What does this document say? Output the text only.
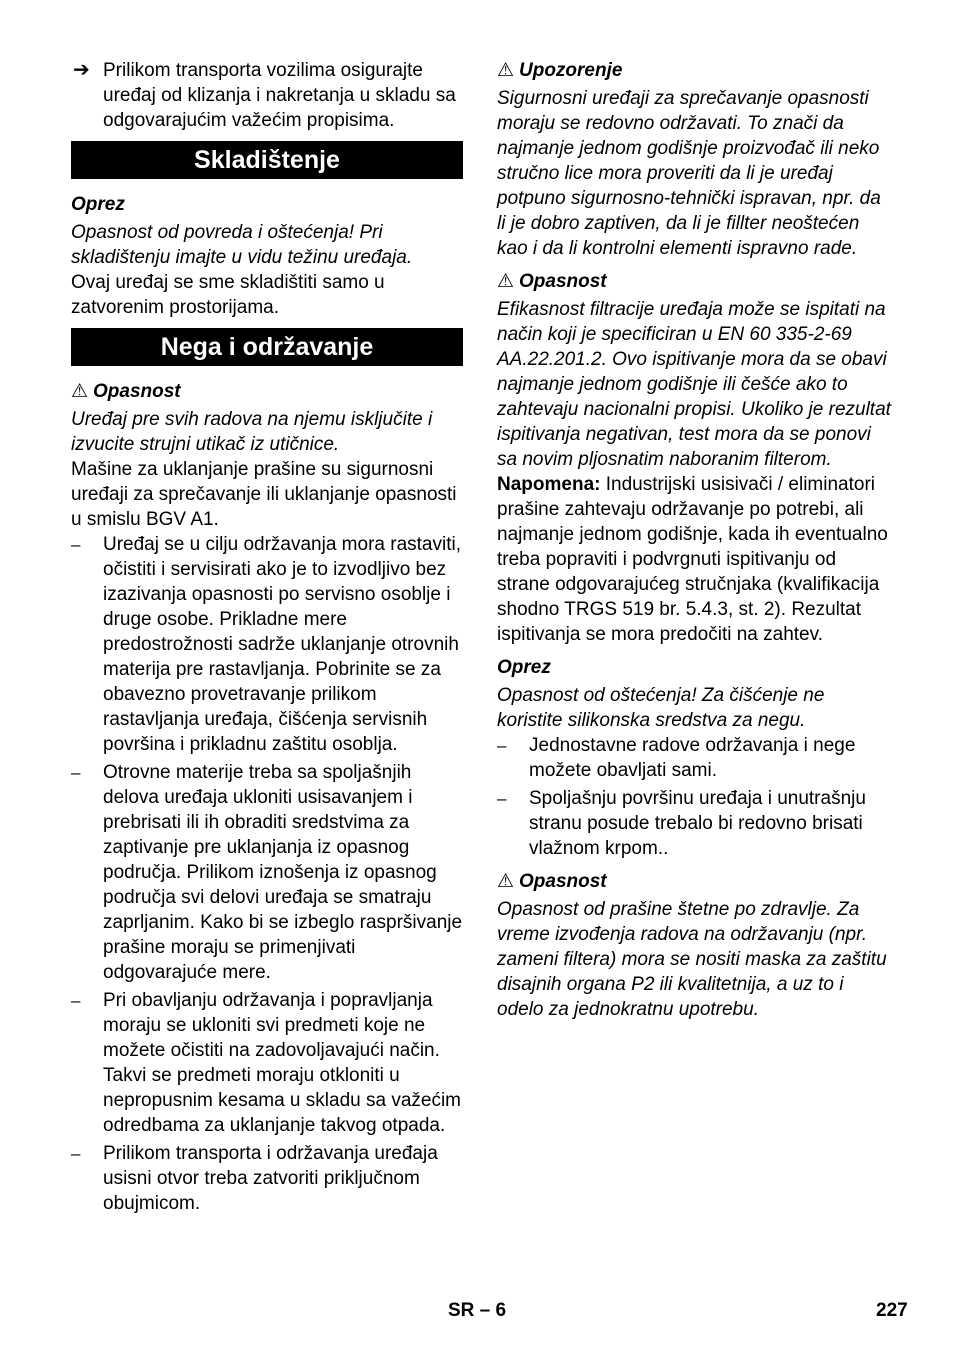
➔ Prilikom transporta vozilima osigurajte uređaj od klizanja i nakretanja u skladu sa odgovarajućim važećim propisima.
Skladištenje

Oprez

Opasnost od povreda i oštećenja! Pri skladištenju imajte u vidu težinu uređaja.

Ovaj uređaj se sme skladištiti samo u zatvorenim prostorijama.

Nega i održavanje

⚠ Opasnost

Uređaj pre svih radova na njemu isključite i izvucite strujni utikač iz utičnice.

Mašine za uklanjanje prašine su sigurnosni uređaji za sprečavanje ili uklanjanje opasnosti u smislu BGV A1.

– Uređaj se u cilju održavanja mora rastaviti, očistiti i servisirati ako je to izvodljivo bez izazivanja opasnosti po servisno osoblje i druge osobe. Prikladne mere predostrožnosti sadrže uklanjanje otrovnih materija pre rastavljanja. Pobrinite se za obavezno provetravanje prilikom rastavljanja uređaja, čišćenja servisnih površina i prikladnu zaštitu osoblja.
– Otrovne materije treba sa spoljašnjih delova uređaja ukloniti usisavanjem i prebrisati ili ih obraditi sredstvima za zaptivanje pre uklanjanja iz opasnog područja. Prilikom iznošenja iz opasnog područja svi delovi uređaja se smatraju zaprljanim. Kako bi se izbeglo raspršivanje prašine moraju se primenjivati odgovarajuće mere.
– Pri obavljanju održavanja i popravljanja moraju se ukloniti svi predmeti koje ne možete očistiti na zadovoljavajući način. Takvi se predmeti moraju otkloniti u nepropusnim kesama u skladu sa važećim odredbama za uklanjanje takvog otpada.
– Prilikom transporta i održavanja uređaja usisni otvor treba zatvoriti priključnom obujmicom.

⚠ Upozorenje

Sigurnosni uređaji za sprečavanje opasnosti moraju se redovno održavati. To znači da najmanje jednom godišnje proizvođač ili neko stručno lice mora proveriti da li je uređaj potpuno sigurnosno-tehnički ispravan, npr. da li je dobro zaptiven, da li je fillter neoštećen kao i da li kontrolni elementi ispravno rade.

⚠ Opasnost

Efikasnost filtracije uređaja može se ispitati na način koji je specificiran u EN 60 335-2-69 AA.22.201.2. Ovo ispitivanje mora da se obavi najmanje jednom godišnje ili češće ako to zahtevaju nacionalni propisi. Ukoliko je rezultat ispitivanja negativan, test mora da se ponovi sa novim pljosnatim naboranim filterom.

Napomena: Industrijski usisivači / eliminatori prašine zahtevaju održavanje po potrebi, ali najmanje jednom godišnje, kada ih eventualno treba popraviti i podvrgnuti ispitivanju od strane odgovarajućeg stručnjaka (kvalifikacija shodno TRGS 519 br. 5.4.3, st. 2). Rezultat ispitivanja se mora predočiti na zahtev.

Oprez

Opasnost od oštećenja! Za čišćenje ne koristite silikonska sredstva za negu.

– Jednostavne radove održavanja i nege možete obavljati sami.
– Spoljašnju površinu uređaja i unutrašnju stranu posude trebalo bi redovno brisati vlažnom krpom..

⚠ Opasnost

Opasnost od prašine štetne po zdravlje. Za vreme izvođenja radova na održavanju (npr. zameni filtera) mora se nositi maska za zaštitu disajnih organa P2 ili kvalitetnija, a uz to i odelo za jednokratnu upotrebu.

SR – 6	227
